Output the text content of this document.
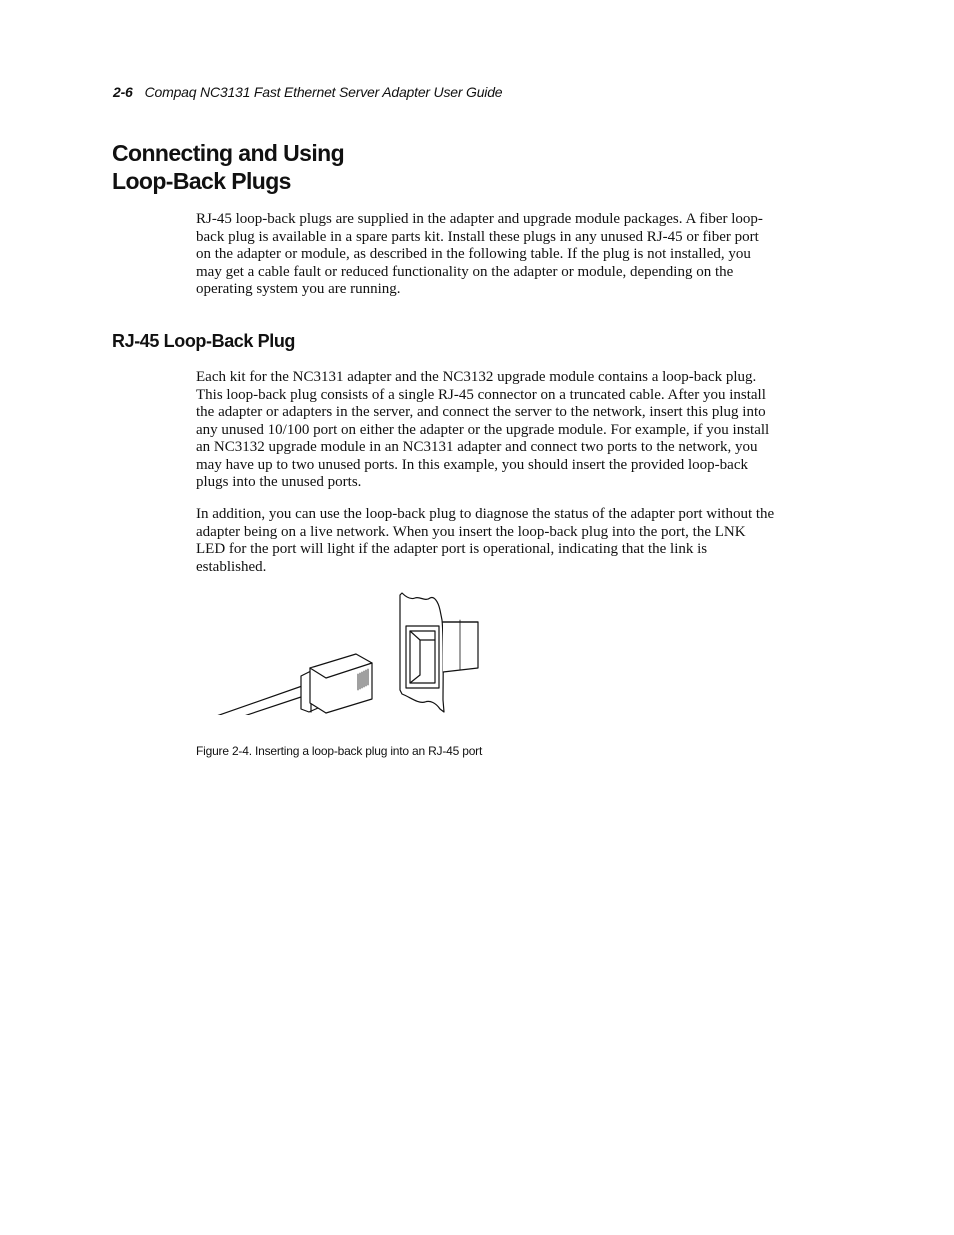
2-6 Compaq NC3131 Fast Ethernet Server Adapter User Guide
Connecting and Using
Loop-Back Plugs

RJ-45 loop-back plugs are supplied in the adapter and upgrade module packages. A fiber loop-
back plug is available in a spare parts kit. Install these plugs in any unused RJ-45 or fiber port
on the adapter or module, as described in the following table. If the plug is not installed, you
may get a cable fault or reduced functionality on the adapter or module, depending on the
operating system you are running.

RJ-45 Loop-Back Plug

Each kit for the NC3131 adapter and the NC3132 upgrade module contains a loop-back plug.
This loop-back plug consists of a single RJ-45 connector on a truncated cable. After you install
the adapter or adapters in the server, and connect the server to the network, insert this plug into
any unused 10/100 port on either the adapter or the upgrade module. For example, if you install
an NC3132 upgrade module in an NC3131 adapter and connect two ports to the network, you
may have up to two unused ports. In this example, you should insert the provided loop-back
plugs into the unused ports.

In addition, you can use the loop-back plug to diagnose the status of the adapter port without the
adapter being on a live network. When you insert the loop-back plug into the port, the LNK
LED for the port will light if the adapter port is operational, indicating that the link is
established.

Figure 2-4. Inserting a loop-back plug into an RJ-45 port
